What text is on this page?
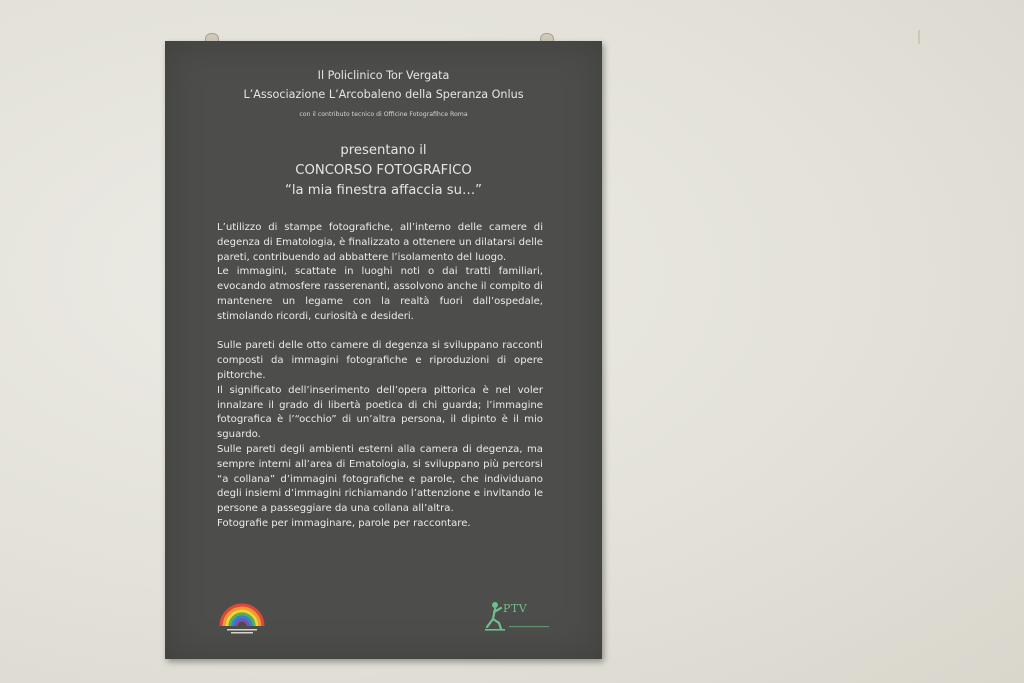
Il Policlinico Tor Vergata
L’Associazione L’Arcobaleno della Speranza Onlus
con il contributo tecnico di Officine Fotografihce Roma
presentano il
CONCORSO FOTOGRAFICO
“la mia finestra affaccia su…”

L’utilizzo di stampe fotografiche, all’interno delle camere di degenza di Ematologia, è finalizzato a ottenere un dilatarsi delle pareti, contribuendo ad abbattere l’isolamento del luogo.

Le immagini, scattate in luoghi noti o dai tratti familiari, evocando atmosfere rasserenanti, assolvono anche il compito di mantenere un legame con la realtà fuori dall’ospedale, stimolando ricordi, curiosità e desideri.

Sulle pareti delle otto camere di degenza si sviluppano racconti composti da immagini fotografiche e riproduzioni di opere pittorche.

Il significato dell’inserimento dell’opera pittorica è nel voler innalzare il grado di libertà poetica di chi guarda; l’immagine fotografica è l’“occhio” di un’altra persona, il dipinto è il mio sguardo.

Sulle pareti degli ambienti esterni alla camera di degenza, ma sempre interni all’area di Ematologia, si sviluppano più percorsi “a collana” d’immagini fotografiche e parole, che individuano degli insiemi d’immagini richiamando l’attenzione e invitando le persone a passeggiare da una collana all’altra.

Fotografie per immaginare, parole per raccontare.

PTV
